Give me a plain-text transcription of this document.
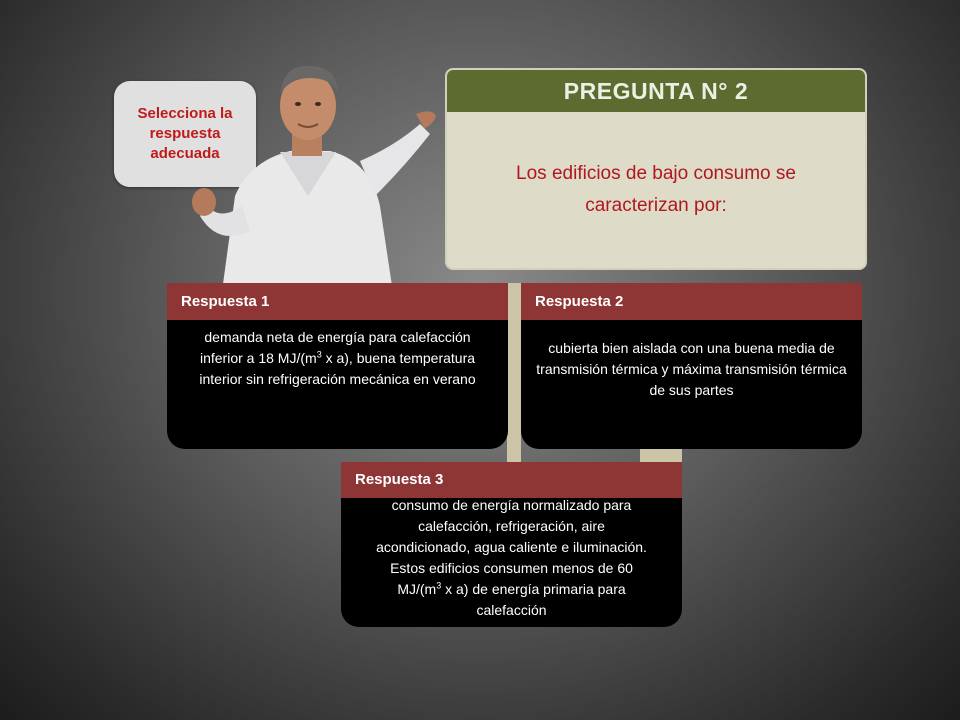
Selecciona la respuesta adecuada
PREGUNTA N° 2
Los edificios de bajo consumo se caracterizan por:
Respuesta 1
demanda neta de energía para calefacción inferior a 18 $MJ/(m^3$ x a), buena temperatura interior sin refrigeración mecánica en verano
Respuesta 2
cubierta bien aislada con una buena media de transmisión térmica y máxima transmisión térmica de sus partes
Respuesta 3
consumo de energía normalizado para calefacción, refrigeración, aire acondicionado, agua caliente e iluminación. Estos edificios consumen menos de 60 $MJ/(m^3$ x a) de energía primaria para calefacción
